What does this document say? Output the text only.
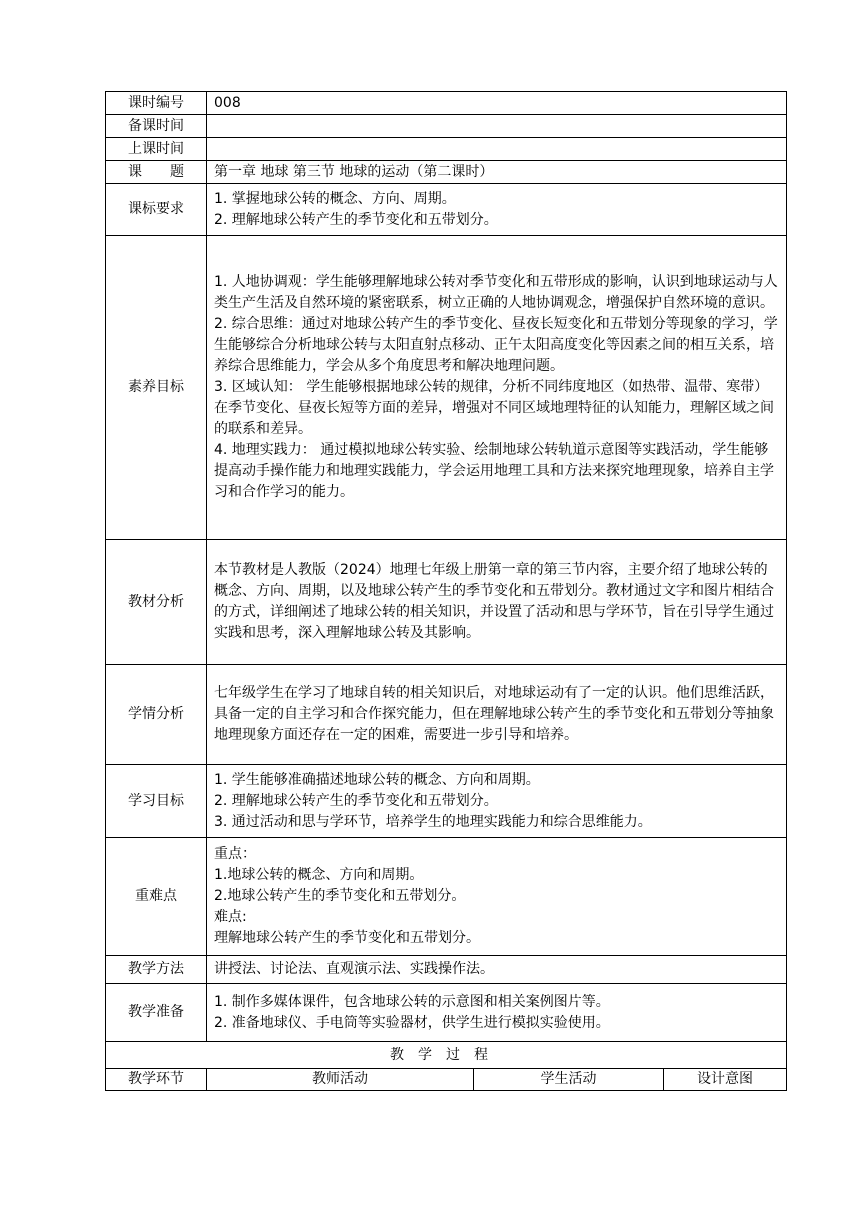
课时编号	008		
备课时间			
上课时间			
课　　题	第一章 地球 第三节 地球的运动（第二课时）		
课标要求	1. 掌握地球公转的概念、方向、周期。
2. 理解地球公转产生的季节变化和五带划分。		

素养目标	1. 人地协调观：学生能够理解地球公转对季节变化和五带形成的影响，认识到地球运动与人类生产生活及自然环境的紧密联系，树立正确的人地协调观念，增强保护自然环境的意识。
2. 综合思维：通过对地球公转产生的季节变化、昼夜长短变化和五带划分等现象的学习，学生能够综合分析地球公转与太阳直射点移动、正午太阳高度变化等因素之间的相互关系，培养综合思维能力，学会从多个角度思考和解决地理问题。
3. 区域认知： 学生能够根据地球公转的规律，分析不同纬度地区（如热带、温带、寒带）在季节变化、昼夜长短等方面的差异，增强对不同区域地理特征的认知能力，理解区域之间的联系和差异。
4. 地理实践力： 通过模拟地球公转实验、绘制地球公转轨道示意图等实践活动，学生能够提高动手操作能力和地理实践能力，学会运用地理工具和方法来探究地理现象，培养自主学习和合作学习的能力。		

教材分析	本节教材是人教版（2024）地理七年级上册第一章的第三节内容，主要介绍了地球公转的概念、方向、周期，以及地球公转产生的季节变化和五带划分。教材通过文字和图片相结合的方式，详细阐述了地球公转的相关知识，并设置了活动和思与学环节，旨在引导学生通过实践和思考，深入理解地球公转及其影响。		
学情分析	七年级学生在学习了地球自转的相关知识后，对地球运动有了一定的认识。他们思维活跃，具备一定的自主学习和合作探究能力，但在理解地球公转产生的季节变化和五带划分等抽象地理现象方面还存在一定的困难，需要进一步引导和培养。		
学习目标	1. 学生能够准确描述地球公转的概念、方向和周期。
2. 理解地球公转产生的季节变化和五带划分。
3. 通过活动和思与学环节，培养学生的地理实践能力和综合思维能力。		

重难点	重点：
1.地球公转的概念、方向和周期。
2.地球公转产生的季节变化和五带划分。
难点:
理解地球公转产生的季节变化和五带划分。		

教学方法	讲授法、讨论法、直观演示法、实践操作法。		
教学准备	1. 制作多媒体课件，包含地球公转的示意图和相关案例图片等。
2. 准备地球仪、手电筒等实验器材，供学生进行模拟实验使用。		

教学过程			
教学环节	教师活动	学生活动	设计意图
